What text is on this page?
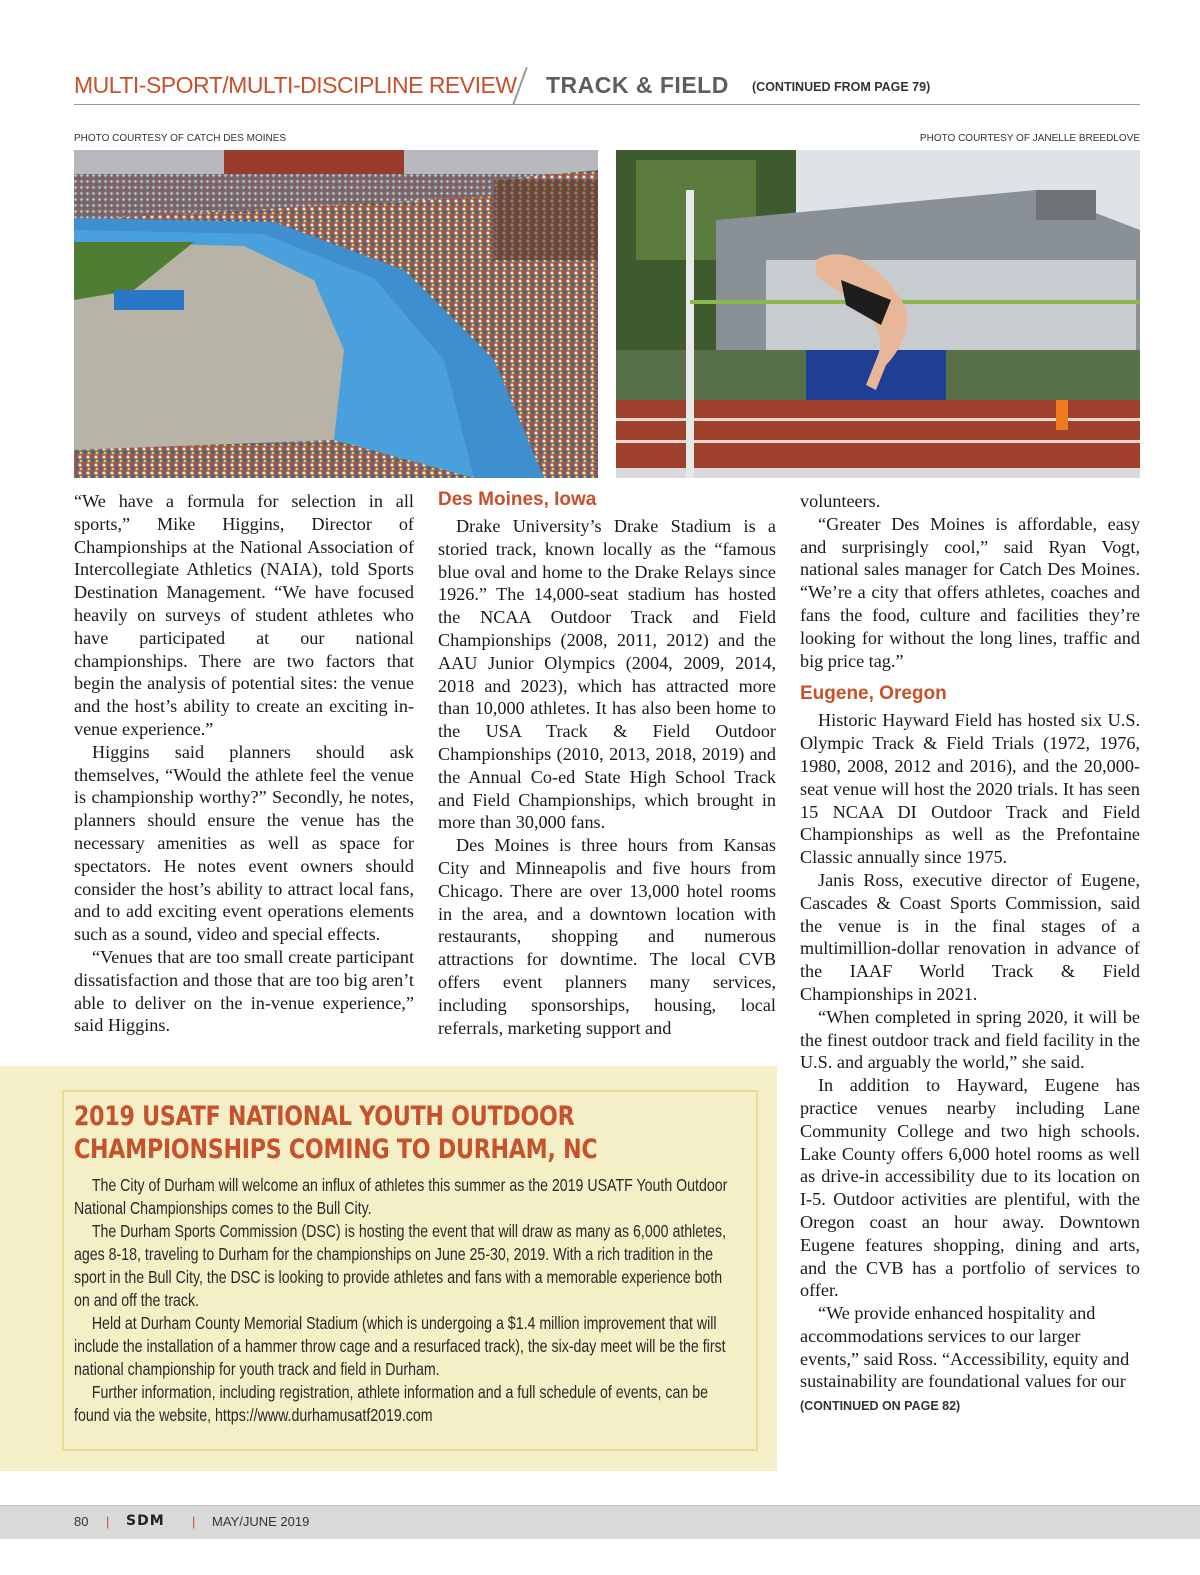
MULTI-SPORT/MULTI-DISCIPLINE REVIEW TRACK & FIELD (CONTINUED FROM PAGE 79)
PHOTO COURTESY OF CATCH DES MOINES	PHOTO COURTESY OF JANELLE BREEDLOVE

“We have a formula for selection in all sports,” Mike Higgins, Director of Championships at the National Association of Intercollegiate Athletics (NAIA), told Sports Destination Management. “We have focused heavily on surveys of student athletes who have participated at our national championships. There are two factors that begin the analysis of potential sites: the venue and the host’s ability to create an exciting in-venue experience.”

Higgins said planners should ask themselves, “Would the athlete feel the venue is championship worthy?” Secondly, he notes, planners should ensure the venue has the necessary amenities as well as space for spectators. He notes event owners should consider the host’s ability to attract local fans, and to add exciting event operations elements such as a sound, video and special effects.

“Venues that are too small create participant dissatisfaction and those that are too big aren’t able to deliver on the in-venue experience,” said Higgins.

Des Moines, Iowa

Drake University’s Drake Stadium is a storied track, known locally as the “famous blue oval and home to the Drake Relays since 1926.” The 14,000-seat stadium has hosted the NCAA Outdoor Track and Field Championships (2008, 2011, 2012) and the AAU Junior Olympics (2004, 2009, 2014, 2018 and 2023), which has attracted more than 10,000 athletes. It has also been home to the USA Track & Field Outdoor Championships (2010, 2013, 2018, 2019) and the Annual Co-ed State High School Track and Field Championships, which brought in more than 30,000 fans.

Des Moines is three hours from Kansas City and Minneapolis and five hours from Chicago. There are over 13,000 hotel rooms in the area, and a downtown location with restaurants, shopping and numerous attractions for downtime. The local CVB offers event planners many services, including sponsorships, housing, local referrals, marketing support and

volunteers.

“Greater Des Moines is affordable, easy and surprisingly cool,” said Ryan Vogt, national sales manager for Catch Des Moines. “We’re a city that offers athletes, coaches and fans the food, culture and facilities they’re looking for without the long lines, traffic and big price tag.”

Eugene, Oregon

Historic Hayward Field has hosted six U.S. Olympic Track & Field Trials (1972, 1976, 1980, 2008, 2012 and 2016), and the 20,000-seat venue will host the 2020 trials. It has seen 15 NCAA DI Outdoor Track and Field Championships as well as the Prefontaine Classic annually since 1975.

Janis Ross, executive director of Eugene, Cascades & Coast Sports Commission, said the venue is in the final stages of a multimillion-dollar renovation in advance of the IAAF World Track & Field Championships in 2021.

“When completed in spring 2020, it will be the finest outdoor track and field facility in the U.S. and arguably the world,” she said.

In addition to Hayward, Eugene has practice venues nearby including Lane Community College and two high schools. Lake County offers 6,000 hotel rooms as well as drive-in accessibility due to its location on I-5. Outdoor activities are plentiful, with the Oregon coast an hour away. Downtown Eugene features shopping, dining and arts, and the CVB has a portfolio of services to offer.

“We provide enhanced hospitality and accommodations services to our larger events,” said Ross. “Accessibility, equity and sustainability are foundational values for our (CONTINUED ON PAGE 82)

2019 USATF NATIONAL YOUTH OUTDOOR
CHAMPIONSHIPS COMING TO DURHAM, NC

The City of Durham will welcome an influx of athletes this summer as the 2019 USATF Youth Outdoor National Championships comes to the Bull City.

The Durham Sports Commission (DSC) is hosting the event that will draw as many as 6,000 athletes, ages 8-18, traveling to Durham for the championships on June 25-30, 2019. With a rich tradition in the sport in the Bull City, the DSC is looking to provide athletes and fans with a memorable experience both on and off the track.

Held at Durham County Memorial Stadium (which is undergoing a $1.4 million improvement that will include the installation of a hammer throw cage and a resurfaced track), the six-day meet will be the first national championship for youth track and field in Durham.

Further information, including registration, athlete information and a full schedule of events, can be found via the website, https://www.durhamusatf2019.com

80 | SDM | MAY/JUNE 2019
